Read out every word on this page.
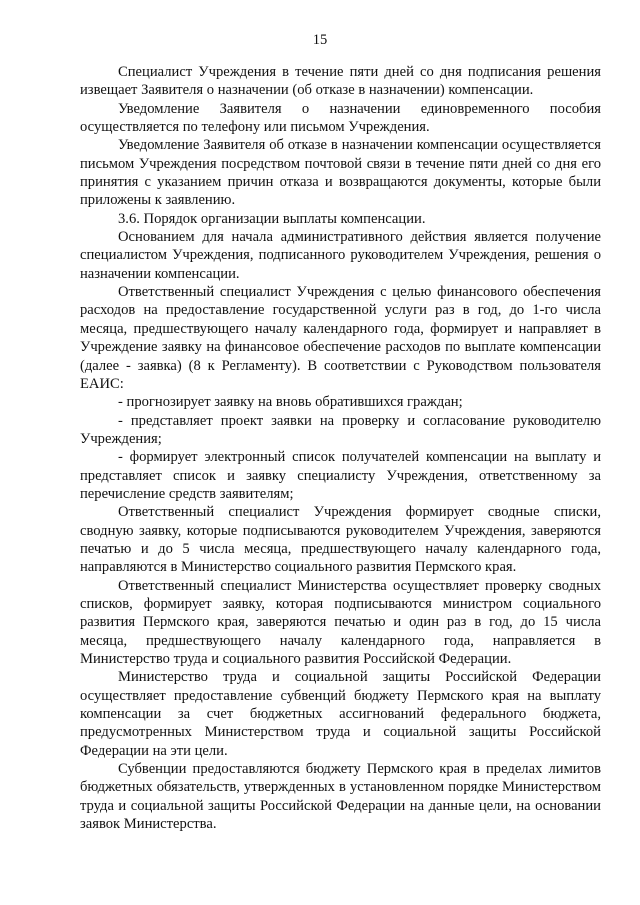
15

Специалист Учреждения в течение пяти дней со дня подписания решения извещает Заявителя о назначении (об отказе в назначении) компенсации.

Уведомление Заявителя о назначении единовременного пособия осуществляется по телефону или письмом Учреждения.

Уведомление Заявителя об отказе в назначении компенсации осуществляется письмом Учреждения посредством почтовой связи в течение пяти дней со дня его принятия с указанием причин отказа и возвращаются документы, которые были приложены к заявлению.

3.6. Порядок организации выплаты компенсации.

Основанием для начала административного действия является получение специалистом Учреждения, подписанного руководителем Учреждения, решения о назначении компенсации.

Ответственный специалист Учреждения с целью финансового обеспечения расходов на предоставление государственной услуги раз в год, до 1-го числа месяца, предшествующего началу календарного года, формирует и направляет в Учреждение заявку на финансовое обеспечение расходов по выплате компенсации (далее - заявка) (8 к Регламенту). В соответствии с Руководством пользователя ЕАИС:

- прогнозирует заявку на вновь обратившихся граждан;

- представляет проект заявки на проверку и согласование руководителю Учреждения;

- формирует электронный список получателей компенсации на выплату и представляет список и заявку специалисту Учреждения, ответственному за перечисление средств заявителям;

Ответственный специалист Учреждения формирует сводные списки, сводную заявку, которые подписываются руководителем Учреждения, заверяются печатью и до 5 числа месяца, предшествующего началу календарного года, направляются в Министерство социального развития Пермского края.

Ответственный специалист Министерства осуществляет проверку сводных списков, формирует заявку, которая подписываются министром социального развития Пермского края, заверяются печатью и один раз в год, до 15 числа месяца, предшествующего началу календарного года, направляется в Министерство труда и социального развития Российской Федерации.

Министерство труда и социальной защиты Российской Федерации осуществляет предоставление субвенций бюджету Пермского края на выплату компенсации за счет бюджетных ассигнований федерального бюджета, предусмотренных Министерством труда и социальной защиты Российской Федерации на эти цели.

Субвенции предоставляются бюджету Пермского края в пределах лимитов бюджетных обязательств, утвержденных в установленном порядке Министерством труда и социальной защиты Российской Федерации на данные цели, на основании заявок Министерства.
